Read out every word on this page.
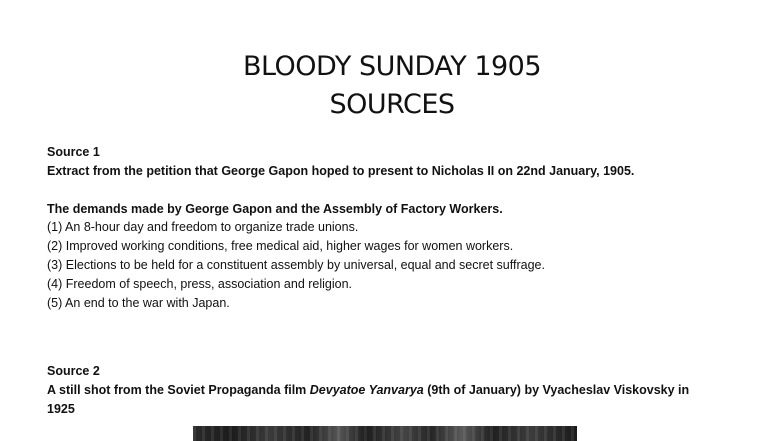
BLOODY SUNDAY 1905
SOURCES
Source 1
Extract from the petition that George Gapon hoped to present to Nicholas II on 22nd January, 1905.
The demands made by George Gapon and the Assembly of Factory Workers.
(1) An 8-hour day and freedom to organize trade unions.
(2) Improved working conditions, free medical aid, higher wages for women workers.
(3) Elections to be held for a constituent assembly by universal, equal and secret suffrage.
(4) Freedom of speech, press, association and religion.
(5) An end to the war with Japan.
Source 2
A still shot from the Soviet Propaganda film Devyatoe Yanvarya (9th of January) by Vyacheslav Viskovsky in
1925
